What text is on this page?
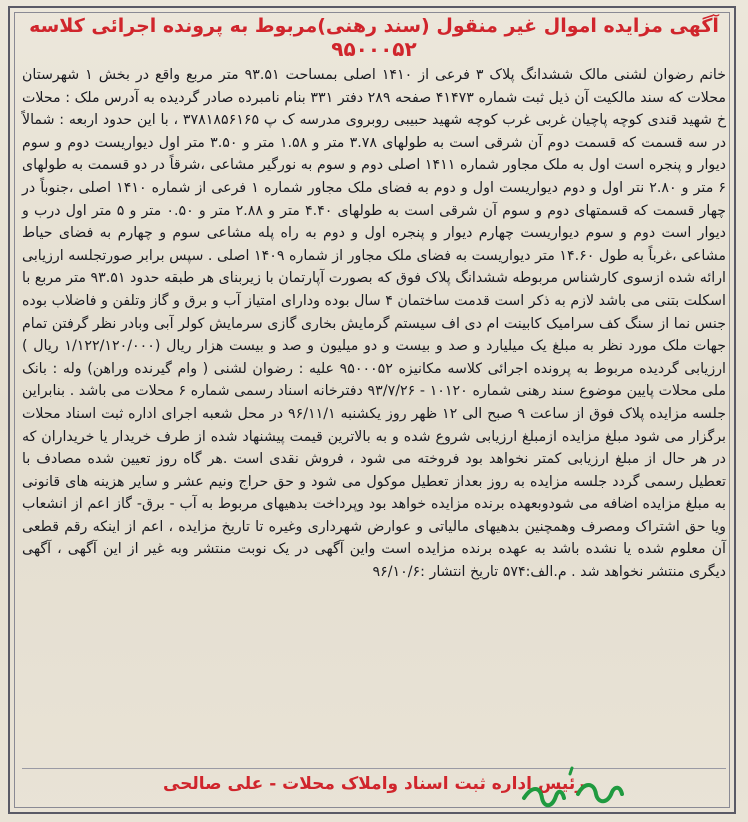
آگهی مزایده اموال غیر منقول (سند رهنی)مربوط به پرونده اجرائی کلاسه
۹۵۰۰۰۵۲
خانم رضوان لشنی مالک ششدانگ پلاک ۳ فرعی از ۱۴۱۰ اصلی بمساحت ۹۳.۵۱ متر مربع واقع در بخش ۱ شهرستان محلات که سند مالکیت آن ذیل ثبت شماره ۴۱۴۷۳ صفحه ۲۸۹ دفتر ۳۳۱ بنام نامبرده صادر گردیده به آدرس ملک : محلات خ شهید قندی کوچه پاچیان غربی غرب کوچه شهید حبیبی روبروی مدرسه ک پ ۳۷۸۱۸۵۶۱۶۵ ، با این حدود اربعه : شمالاً در سه قسمت که قسمت دوم آن شرقی است به طولهای ۳.۷۸ متر و ۱.۵۸ متر و ۳.۵۰ متر اول دیواریست دوم و سوم دیوار و پنجره است اول به ملک مجاور شماره ۱۴۱۱ اصلی دوم و سوم به نورگیر مشاعی ،شرقاً در دو قسمت به طولهای ۶ متر و ۲.۸۰ نتر اول و دوم دیواریست اول و دوم به فضای ملک مجاور شماره ۱ فرعی از شماره ۱۴۱۰ اصلی ،جنوباً در چهار قسمت که قسمتهای دوم و سوم آن شرقی است به طولهای ۴.۴۰ متر و ۲.۸۸ متر و ۰.۵۰ متر و ۵ متر اول درب و دیوار است دوم و سوم دیواریست چهارم دیوار و پنجره اول و دوم به راه پله مشاعی سوم و چهارم به فضای حیاط مشاعی ،غرباً به طول ۱۴.۶۰ متر دیواریست به فضای ملک مجاور از شماره ۱۴۰۹ اصلی . سپس برابر صورتجلسه ارزیابی ارائه شده ازسوی کارشناس مربوطه ششدانگ پلاک فوق که بصورت آپارتمان با زیربنای هر طبقه حدود ۹۳.۵۱ متر مربع با اسکلت بتنی می باشد لازم به ذکر است قدمت ساختمان ۴ سال بوده ودارای امتیاز آب و برق و گاز وتلفن و فاضلاب بوده جنس نما از سنگ کف سرامیک کابینت ام دی اف سیستم گرمایش بخاری گازی سرمایش کولر آبی وبادر نظر گرفتن تمام جهات ملک مورد نظر به مبلغ یک میلیارد و صد و بیست و دو میلیون و صد و بیست هزار ریال (۱/۱۲۲/۱۲۰/۰۰۰ ریال ) ارزیابی گردیده مربوط به پرونده اجرائی کلاسه مکانیزه ۹۵۰۰۰۵۲ علیه : رضوان لشنی ( وام گیرنده وراهن) وله : بانک ملی محلات پایین موضوع سند رهنی شماره ۱۰۱۲۰ - ۹۳/۷/۲۶ دفترخانه اسناد رسمی شماره ۶ محلات می باشد . بنابراین جلسه مزایده پلاک فوق از ساعت ۹ صبح الی ۱۲ ظهر روز یکشنبه ۹۶/۱۱/۱ در محل شعبه اجرای اداره ثبت اسناد محلات برگزار می شود مبلغ مزایده ازمبلغ ارزیابی شروع شده و به بالاترین قیمت پیشنهاد شده از طرف خریدار یا خریداران که در هر حال از مبلغ ارزیابی کمتر نخواهد بود فروخته می شود ، فروش نقدی است .هر گاه روز تعیین شده مصادف با تعطیل رسمی گردد جلسه مزایده به روز بعداز تعطیل موکول می شود و حق حراج ونیم عشر و سایر هزینه های قانونی به مبلغ مزایده اضافه می شودوبعهده برنده مزایده خواهد بود وپرداخت بدهیهای مربوط به آب - برق- گاز اعم از انشعاب ویا حق اشتراک ومصرف وهمچنین بدهیهای مالیاتی و عوارض شهرداری وغیره تا تاریخ مزایده ، اعم از اینکه رقم قطعی آن معلوم شده یا نشده باشد به عهده برنده مزایده است واین آگهی در یک نوبت منتشر وبه غیر از این آگهی ، آگهی دیگری منتشر نخواهد شد . م.الف:۵۷۴ تاریخ انتشار :۹۶/۱۰/۶
رئیس اداره ثبت اسناد واملاک محلات - علی صالحی
